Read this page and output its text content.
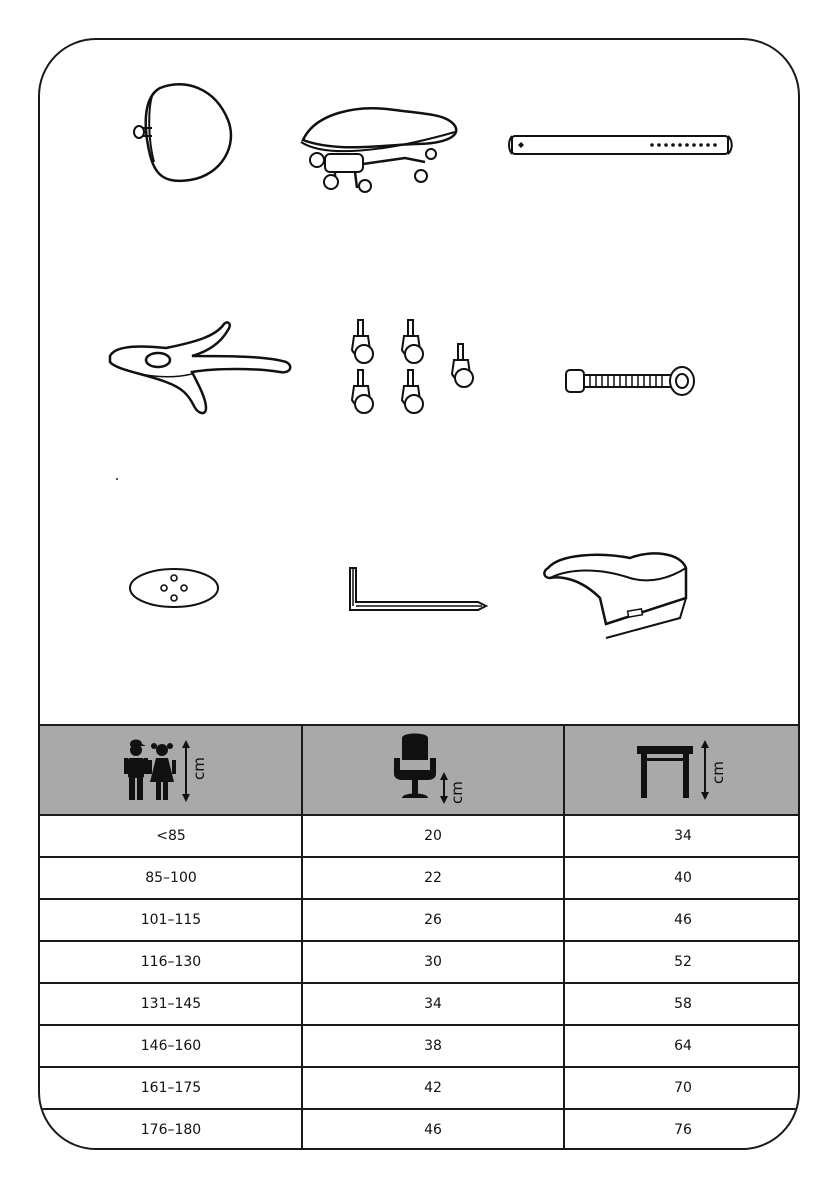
cm
cm
cm
<85	20	34
85–100	22	40
101–115	26	46
116–130	30	52
131–145	34	58
146–160	38	64
161–175	42	70
176–180	46	76
